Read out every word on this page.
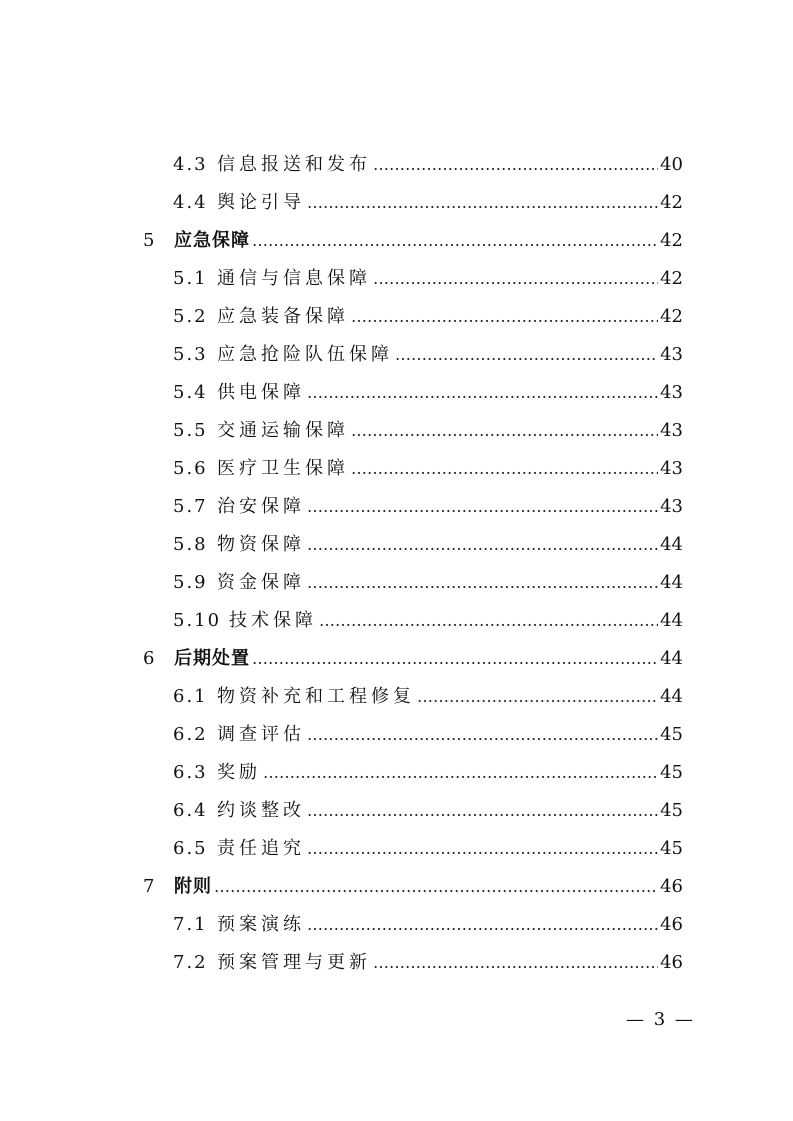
4.3 信息报送和发布 ……………………………………………………………………………………………………………………	40
4.4 舆论引导 ……………………………………………………………………………………………………………………	42
5 应急保障 ……………………………………………………………………………………………………………………	42
5.1 通信与信息保障 ……………………………………………………………………………………………………………………	42
5.2 应急装备保障 ……………………………………………………………………………………………………………………	42
5.3 应急抢险队伍保障 ……………………………………………………………………………………………………………………	43
5.4 供电保障 ……………………………………………………………………………………………………………………	43
5.5 交通运输保障 ……………………………………………………………………………………………………………………	43
5.6 医疗卫生保障 ……………………………………………………………………………………………………………………	43
5.7 治安保障 ……………………………………………………………………………………………………………………	43
5.8 物资保障 ……………………………………………………………………………………………………………………	44
5.9 资金保障 ……………………………………………………………………………………………………………………	44
5.10 技术保障 ……………………………………………………………………………………………………………………	44
6 后期处置 ……………………………………………………………………………………………………………………	44
6.1 物资补充和工程修复 ……………………………………………………………………………………………………………………	44
6.2 调查评估 ……………………………………………………………………………………………………………………	45
6.3 奖励 ……………………………………………………………………………………………………………………	45
6.4 约谈整改 ……………………………………………………………………………………………………………………	45
6.5 责任追究 ……………………………………………………………………………………………………………………	45
7 附则 ……………………………………………………………………………………………………………………	46
7.1 预案演练 ……………………………………………………………………………………………………………………	46
7.2 预案管理与更新 ……………………………………………………………………………………………………………………	46
— 3 —
